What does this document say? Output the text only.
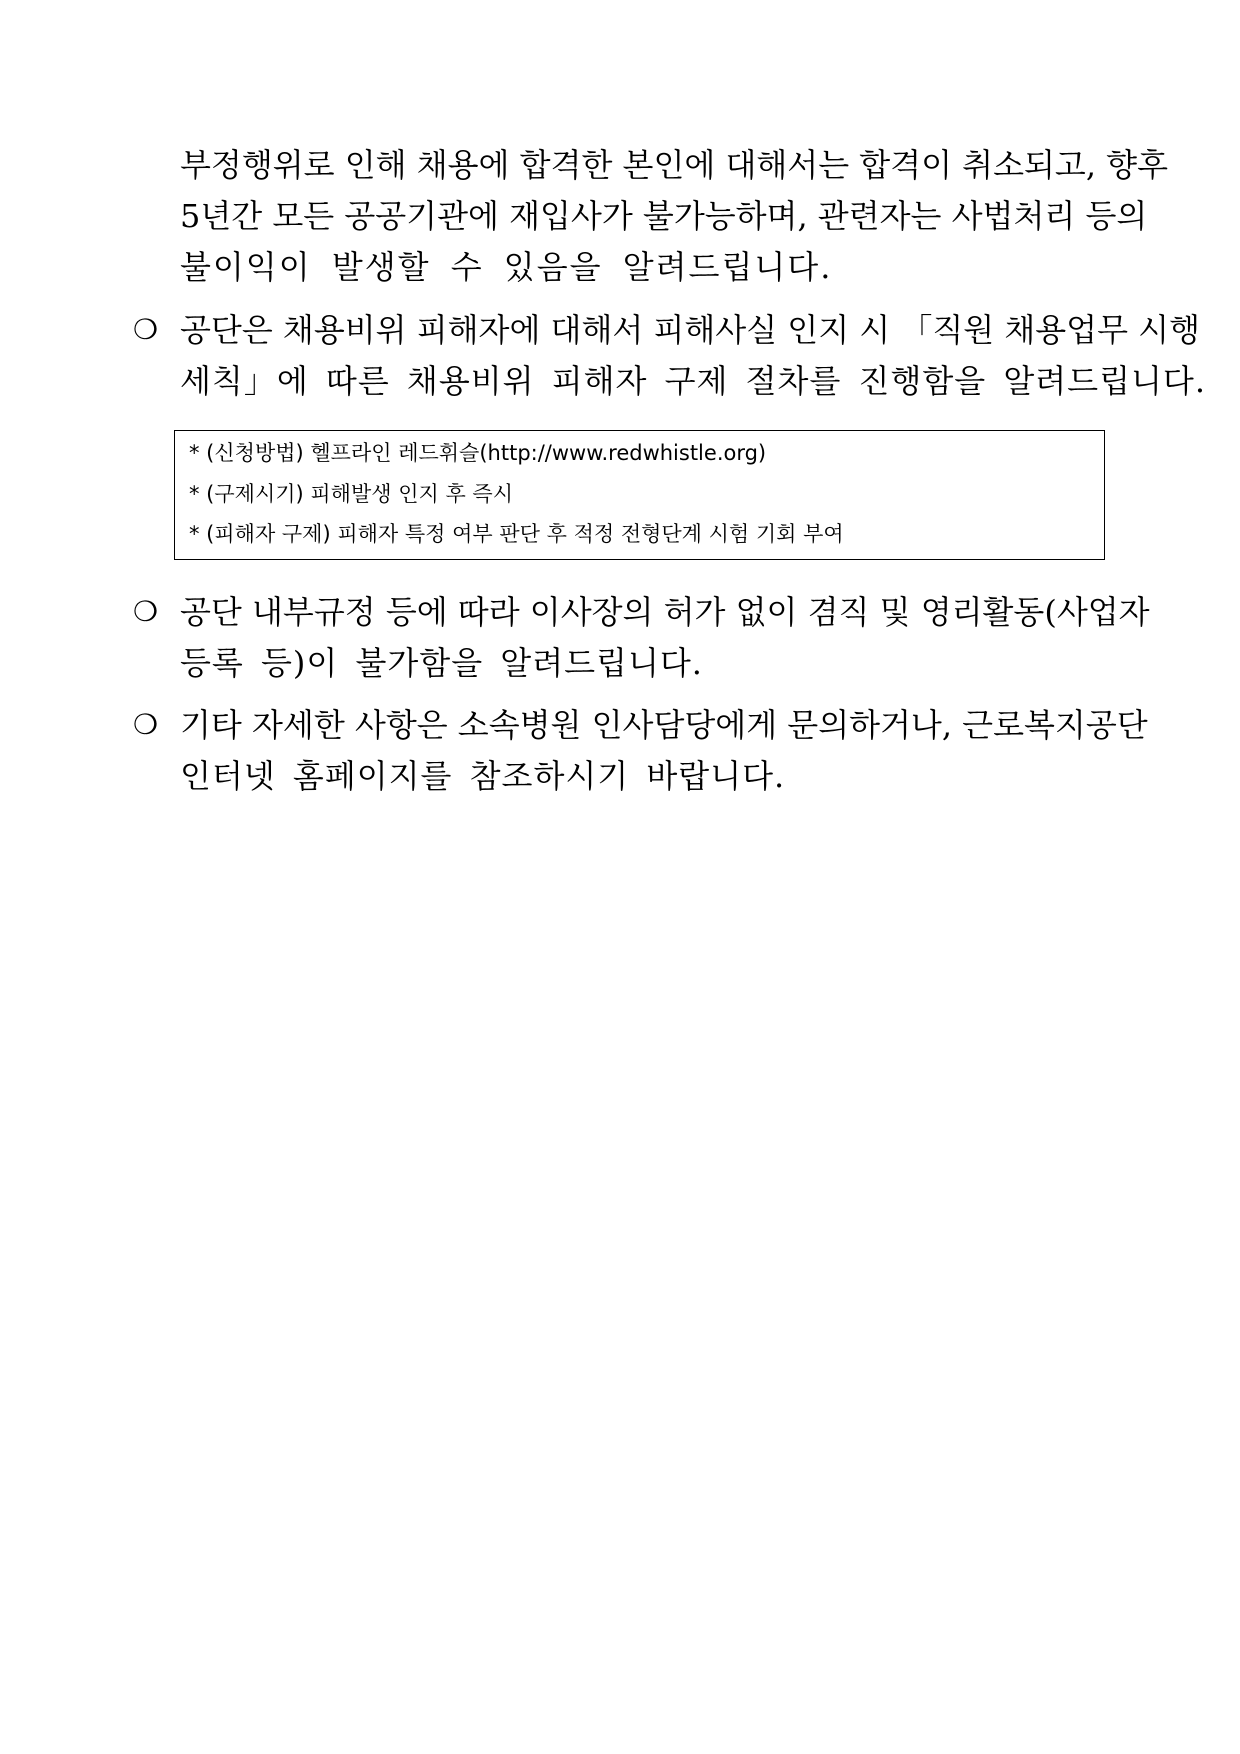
부정행위로 인해 채용에 합격한 본인에 대해서는 합격이 취소되고, 향후
5년간 모든 공공기관에 재입사가 불가능하며, 관련자는 사법처리 등의
불이익이 발생할 수 있음을 알려드립니다.
❍ 공단은 채용비위 피해자에 대해서 피해사실 인지 시 「직원 채용업무 시행
세칙」에 따른 채용비위 피해자 구제 절차를 진행함을 알려드립니다.
* (신청방법) 헬프라인 레드휘슬(http://www.redwhistle.org)
* (구제시기) 피해발생 인지 후 즉시
* (피해자 구제) 피해자 특정 여부 판단 후 적정 전형단계 시험 기회 부여
❍ 공단 내부규정 등에 따라 이사장의 허가 없이 겸직 및 영리활동(사업자
등록 등)이 불가함을 알려드립니다.
❍ 기타 자세한 사항은 소속병원 인사담당에게 문의하거나, 근로복지공단
인터넷 홈페이지를 참조하시기 바랍니다.
